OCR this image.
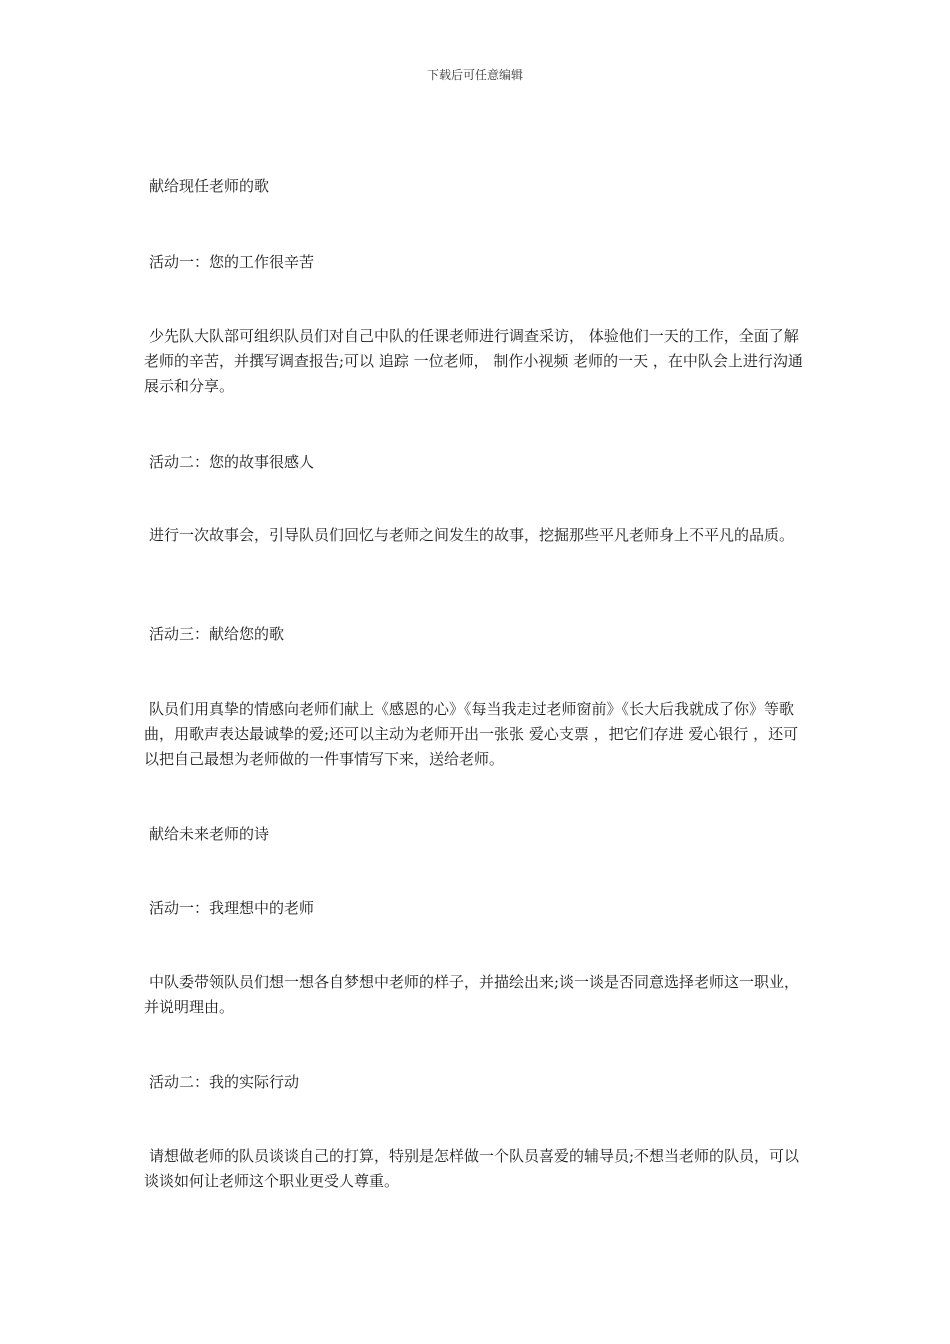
下载后可任意编辑
献给现任老师的歌
活动一：您的工作很辛苦
少先队大队部可组织队员们对自己中队的任课老师进行调查采访， 体验他们一天的工作，全面了解老师的辛苦，并撰写调查报告;可以 追踪 一位老师， 制作小视频 老师的一天 ，在中队会上进行沟通展示和分享。
活动二：您的故事很感人
进行一次故事会，引导队员们回忆与老师之间发生的故事，挖掘那些平凡老师身上不平凡的品质。
活动三：献给您的歌
队员们用真挚的情感向老师们献上《感恩的心》《每当我走过老师窗前》《长大后我就成了你》等歌曲，用歌声表达最诚挚的爱;还可以主动为老师开出一张张 爱心支票 ，把它们存进 爱心银行 ，还可以把自己最想为老师做的一件事情写下来，送给老师。
献给未来老师的诗
活动一：我理想中的老师
中队委带领队员们想一想各自梦想中老师的样子，并描绘出来;谈一谈是否同意选择老师这一职业，并说明理由。
活动二：我的实际行动
请想做老师的队员谈谈自己的打算，特别是怎样做一个队员喜爱的辅导员;不想当老师的队员，可以谈谈如何让老师这个职业更受人尊重。
